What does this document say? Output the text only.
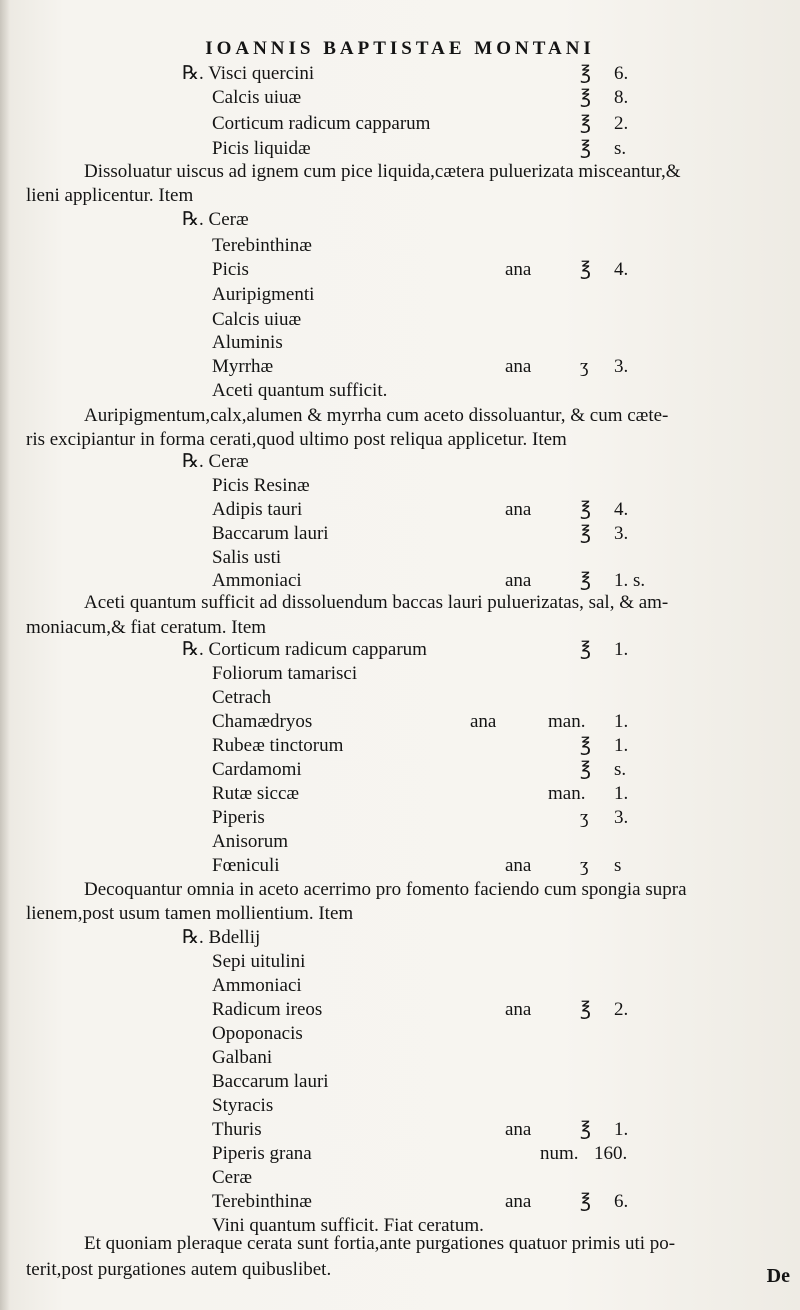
IOANNIS BAPTISTAE MONTANI
℞. Visci quercini	℥ 6.
Calcis uiuæ	℥ 8.
Corticum radicum capparum	℥ 2.
Picis liquidæ	℥ s.
Dissoluatur uiscus ad ignem cum pice liquida,cætera puluerizata misceantur,&
lieni applicentur. Item
℞. Ceræ
Terebinthinæ
Picis	ana	℥ 4.
Auripigmenti
Calcis uiuæ
Aluminis
Myrrhæ	ana	ʒ 3.
Aceti quantum sufficit.
Auripigmentum,calx,alumen & myrrha cum aceto dissoluantur, & cum cæte-
ris excipiantur in forma cerati,quod ultimo post reliqua applicetur. Item
℞. Ceræ
Picis Resinæ
Adipis tauri	ana	℥ 4.
Baccarum lauri	℥ 3.
Salis usti
Ammoniaci	ana	℥ 1. s.
Aceti quantum sufficit ad dissoluendum baccas lauri puluerizatas, sal, & am-
moniacum,& fiat ceratum. Item
℞. Corticum radicum capparum	℥ 1.
Foliorum tamarisci
Cetrach
Chamædryos	ana	man. 1.
Rubeæ tinctorum	℥ 1.
Cardamomi	℥ s.
Rutæ siccæ	man. 1.
Piperis	ʒ 3.
Anisorum
Fœniculi	ana	ʒ s
Decoquantur omnia in aceto acerrimo pro fomento faciendo cum spongia supra
lienem,post usum tamen mollientium. Item
℞. Bdellij
Sepi uitulini
Ammoniaci
Radicum ireos	ana	℥ 2.
Opoponacis
Galbani
Baccarum lauri
Styracis
Thuris	ana	℥ 1.
Piperis grana	num. 160.
Ceræ
Terebinthinæ	ana	℥ 6.
Vini quantum sufficit. Fiat ceratum.
Et quoniam pleraque cerata sunt fortia,ante purgationes quatuor primis uti po-
terit,post purgationes autem quibuslibet.	De
